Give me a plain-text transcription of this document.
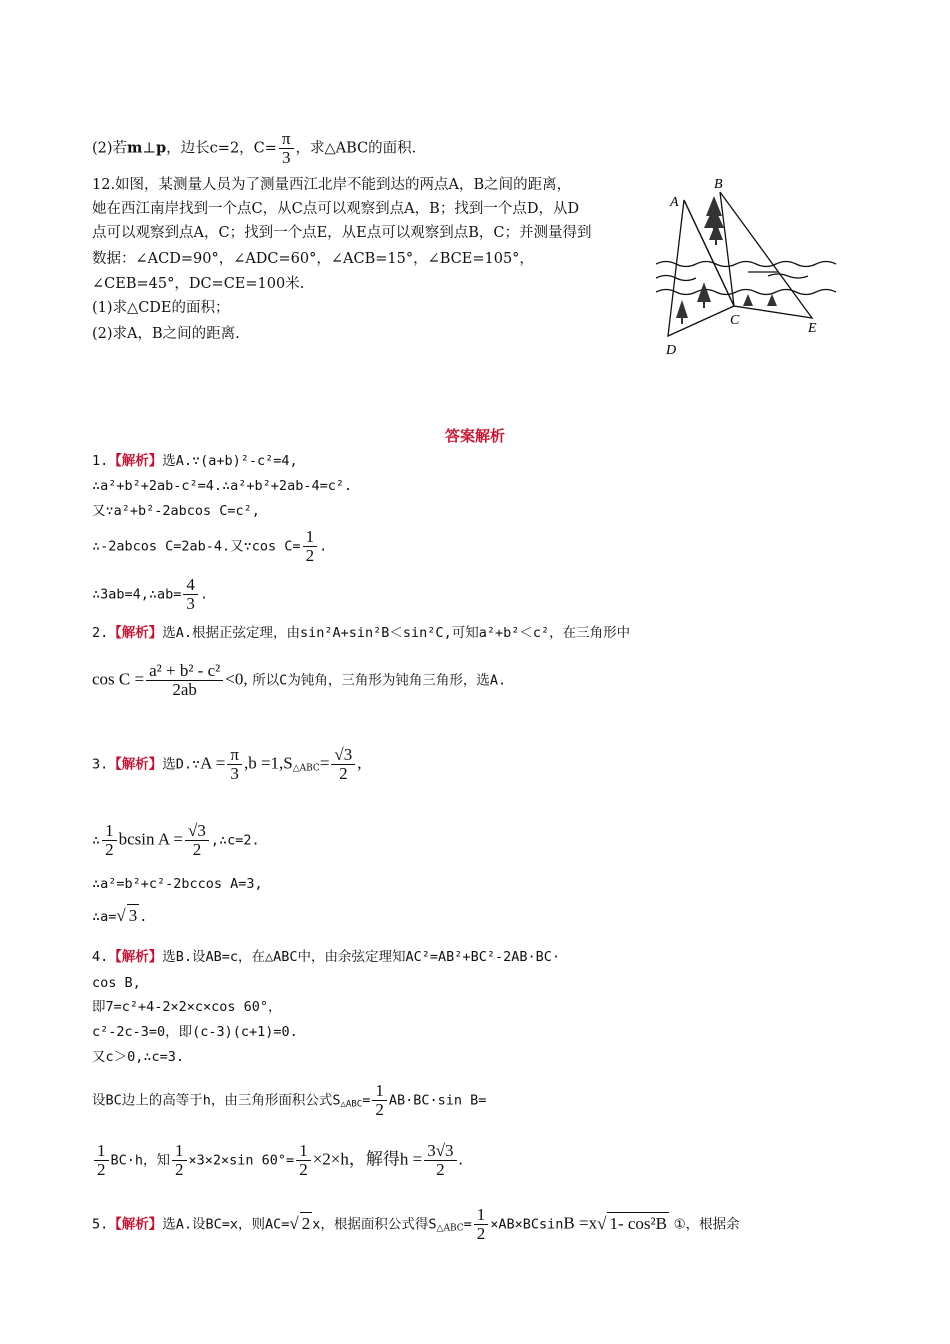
(2)若m⊥p，边长c=2，$C= \frac{\pi}{3}$ ，求△ABC的面积.
12.如图，某测量人员为了测量西江北岸不能到达的两点A，B之间的距离，
她在西江南岸找到一个点C，从C点可以观察到点A，B；找到一个点D，从D
点可以观察到点A，C；找到一个点E，从E点可以观察到点B，C；并测量得到
数据：∠ACD=90°，∠ADC=60°，∠ACB=15°，∠BCE=105°，
∠CEB=45°，DC=CE=100米.
(1)求△CDE的面积；
(2)求A，B之间的距离.
A
B
C
D
E
答案解析
1.【解析】选A.∵(a+b)²-c²=4,
∴a²+b²+2ab-c²=4.∴a²+b²+2ab-4=c².
又∵a²+b²-2abcos C=c²,
∴-2abcos C=2ab-4.又∵cos $C= \frac{1}{2}$ .
∴3ab=4,∴ab= $\frac{4}{3}$ .
2.【解析】选A.根据正弦定理，由sin²A+sin²B＜sin²C,可知a²+b²＜c²，在三角形中
$\cos C = \frac{\text{a² + b² - c²}}{2ab} <0$, 所以C为钝角，三角形为钝角三角形，选A.
3.【解析】选D.∵A = $\frac{\pi}{3} ,b =1,S_{\triangle ABC}= \frac{√3}{2}$ ,
∴ $\frac{1}{2}$ bcsin $A = \frac{√3}{2}$ ,∴c=2.
∴a²=b²+c²-2bccos A=3,
∴a=√ 3 .
4.【解析】选B.设AB=c，在△ABC中，由余弦定理知AC²=AB²+BC²-2AB·BC·
cos B,
即7=c²+4-2×2×c×cos 60°，
c²-2c-3=0，即(c-3)(c+1)=0.
又c＞0,∴c=3.
设BC边上的高等于h，由三角形面积公式$S_{\triangle ABC}= \frac{1}{2} AB\cdot BC\cdot\sin$ B=
$\frac{1}{2} BC\cdot h$，知 $\frac{1}{2} \times 3\times 2\times\sin$ $60^\circ= \frac{1}{2} \times 2\times h$，解得$h = \frac{3√3}{2}$ .
5.【解析】选A.设BC=x，则AC=√ 2 x，根据面积公式得$S_{\triangle ABC}= \frac{1}{2} \times AB\times BCsinB =x√$ 1- cos²B ①，根据余
